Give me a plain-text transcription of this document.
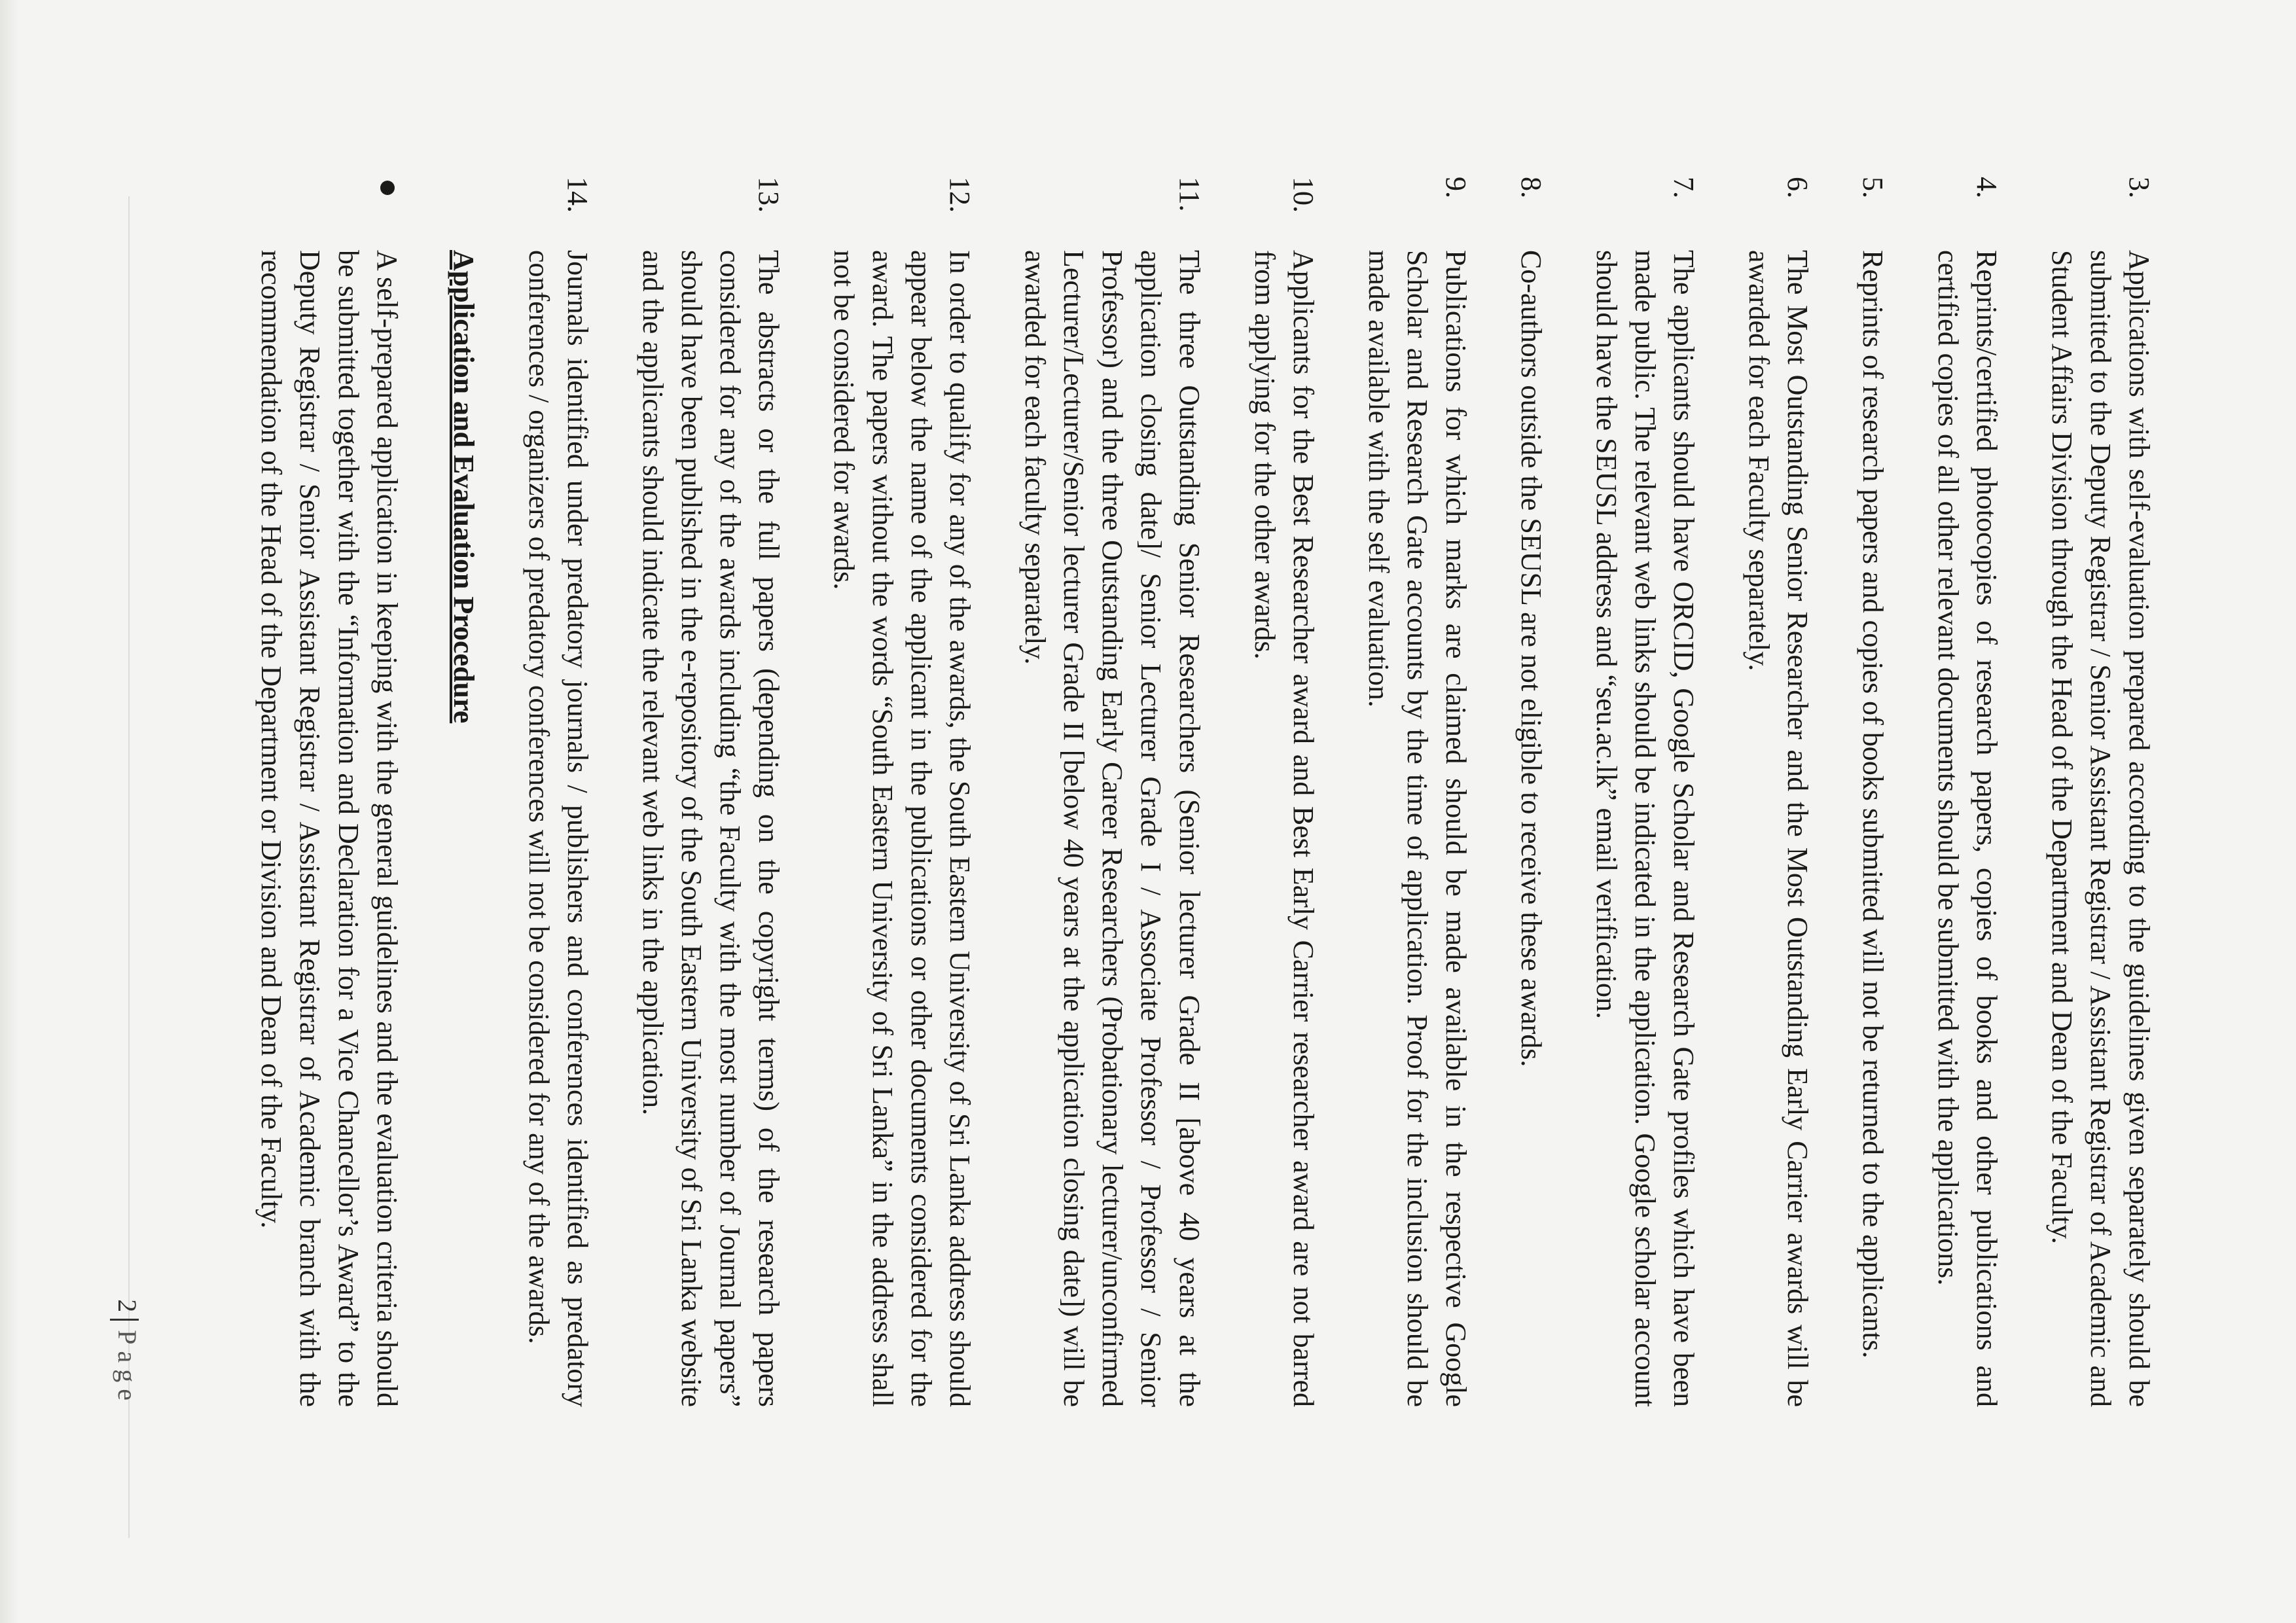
3.
Applications with self-evaluation prepared according to the guidelines given separately should be submitted to the Deputy Registrar / Senior Assistant Registrar / Assistant Registrar of Academic and Student Affairs Division through the Head of the Department and Dean of the Faculty.
4.
Reprints/certified photocopies of research papers, copies of books and other publications and certified copies of all other relevant documents should be submitted with the applications.
5.
Reprints of research papers and copies of books submitted will not be returned to the applicants.
6.
The Most Outstanding Senior Researcher and the Most Outstanding Early Carrier awards will be awarded for each Faculty separately.
7.
The applicants should have ORCID, Google Scholar and Research Gate profiles which have been made public. The relevant web links should be indicated in the application. Google scholar account should have the SEUSL address and “seu.ac.lk” email verification.
8.
Co-authors outside the SEUSL are not eligible to receive these awards.
9.
Publications for which marks are claimed should be made available in the respective Google Scholar and Research Gate accounts by the time of application. Proof for the inclusion should be made available with the self evaluation.
10.
Applicants for the Best Researcher award and Best Early Carrier researcher award are not barred from applying for the other awards.
11.
The three Outstanding Senior Researchers (Senior lecturer Grade II [above 40 years at the application closing date]/ Senior Lecturer Grade I / Associate Professor / Professor / Senior Professor) and the three Outstanding Early Career Researchers (Probationary lecturer/unconfirmed Lecturer/Lecturer/Senior lecturer Grade II [below 40 years at the application closing date]) will be awarded for each faculty separately.
12.
In order to qualify for any of the awards, the South Eastern University of Sri Lanka address should appear below the name of the applicant in the publications or other documents considered for the award. The papers without the words “South Eastern University of Sri Lanka” in the address shall not be considered for awards.
13.
The abstracts or the full papers (depending on the copyright terms) of the research papers considered for any of the awards including “the Faculty with the most number of Journal papers” should have been published in the e-repository of the South Eastern University of Sri Lanka website and the applicants should indicate the relevant web links in the application.
14.
Journals identified under predatory journals / publishers and conferences identified as predatory conferences / organizers of predatory conferences will not be considered for any of the awards.
Application and Evaluation Procedure
A self-prepared application in keeping with the general guidelines and the evaluation criteria should be submitted together with the “Information and Declaration for a Vice Chancellor’s Award” to the Deputy Registrar / Senior Assistant Registrar / Assistant Registrar of Academic branch with the recommendation of the Head of the Department or Division and Dean of the Faculty.
2Page
